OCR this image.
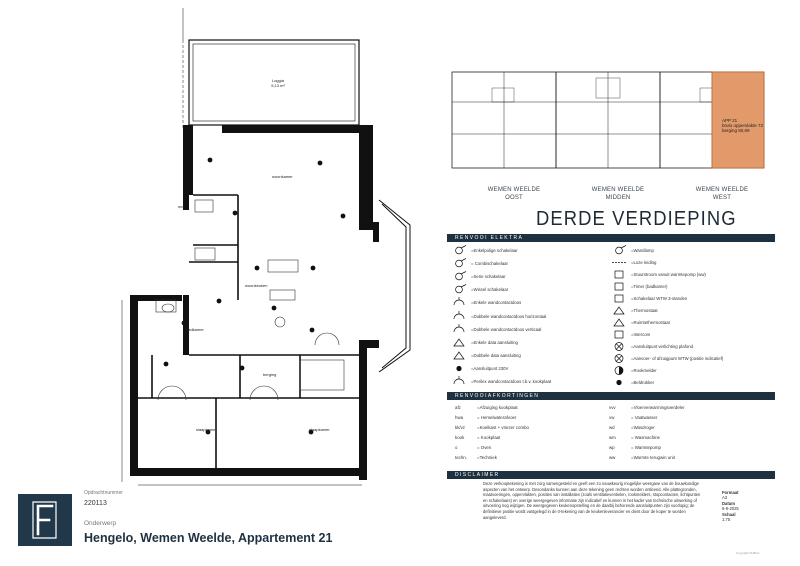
Loggia
5,13 m²
woonkamer
woonkeuken
badkamer
berging
slaapkamer	slaapkamer
wvb
APP 21
bruto oppervlakte 72
berging 80,69
WEMEN WEELDE
OOST
WEMEN WEELDE
MIDDEN
WEMEN WEELDE
WEST
DERDE VERDIEPING
RENVOOI ELEKTRA
=Enkelpolige schakelaar
= Combischakelaar
=Serie schakelaar
=Wissel schakelaar
=Enkele wandcontactdoos
=Dubbele wandcontactdoos horizontaal
=Dubbele wandcontactdoos verticaal
=Enkele data aansluiting
=Dubbele data aansluiting
=Aansluitpunt 230V
=Perilex wandcontactdoos t.b.v. kookplaat
=Wandlamp
=Loze leiding
=Stuurstroom vanuit warmtepomp (ww)
=Timer (badkamer)
=Schakelaar WTW 3-standen
=Thermostaat
=Ruimtethermostaat
=Intercom
=Aansluitpunt verlichting plafond
=Aanvoer- of afzuigpunt WTW (positie indicatief)
=Rookmelder
=Beldrukker
RENVOOIAFKORTINGEN
afz	=Afzuiging kookplaat
hwa	= Hemelwaterafvoer
kk/vz	=Koelkast + vriezer combo
kook	= Kookplaat
o	= Oven
techn. =Techniek
vvv	=Vloerverwarmingsverdeler
vw	= Vaatwasser
wd	=Wasdroger
wm	= Wasmachine
wp	= Warmtepomp
ww	=Warmte terugwin unit
DISCLAIMER
Deze verkooptekening is met zorg samengesteld en geeft een zo nauwkeurig mogelijke weergave van de bouwkundige aspecten van het ontwerp. Desondanks kunnen aan deze tekening geen rechten worden ontleend. Alle plattegronden, maatvoeringen, oppervlakten, posities van installaties (zoals ventilatieventielen, rookmelders, stopcontacten, lichtpunten en schakelaars) en overige weergegeven informatie zijn indicatief en kunnen in het kader van technische uitwerking of uitvoering nog wijzigen. De weergegeven keukenopstelling en de daarbij behorende aansluitpunten zijn voorlopig; de definitieve positie wordt vastgelegd in de 0-tekening van de keukenleverancier en dient door de koper te worden aangeleverd.
Formaat
A3
Datum
6-9-2025
Schaal
1:75
Copyright FHB bv
Opdrachtnummer
220113
Onderwerp
Hengelo, Wemen Weelde, Appartement 21
